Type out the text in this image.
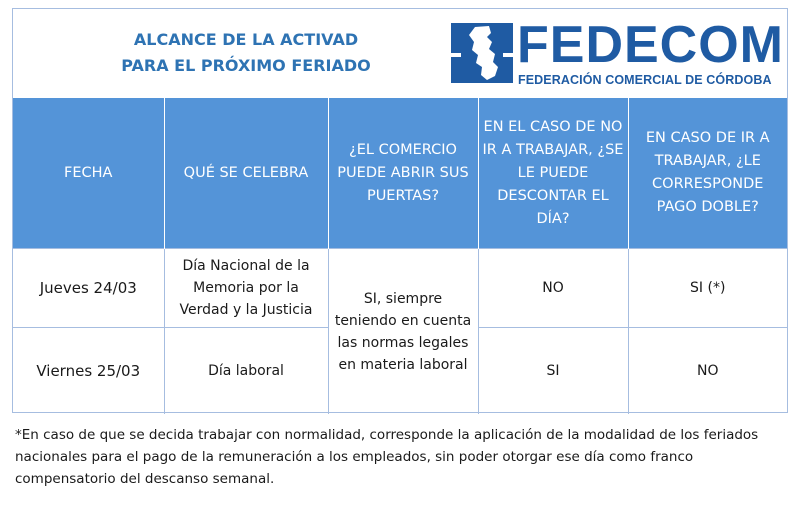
ALCANCE DE LA ACTIVAD
PARA EL PRÓXIMO FERIADO	FEDECOM
FEDERACIÓN COMERCIAL DE CÓRDOBA
FECHA	QUÉ SE CELEBRA	¿EL COMERCIO PUEDE ABRIR SUS PUERTAS?	EN EL CASO DE NO IR A TRABAJAR, ¿SE LE PUEDE DESCONTAR EL DÍA?	EN CASO DE IR A TRABAJAR, ¿LE CORRESPONDE PAGO DOBLE?
Jueves 24/03	Día Nacional de la Memoria por la Verdad y la Justicia	SI, siempre teniendo en cuenta las normas legales en materia laboral	NO	SI (*)
Viernes 25/03	Día laboral		SI	NO
*En caso de que se decida trabajar con normalidad, corresponde la aplicación de la modalidad de los feriados nacionales para el pago de la remuneración a los empleados, sin poder otorgar ese día como franco compensatorio del descanso semanal.
